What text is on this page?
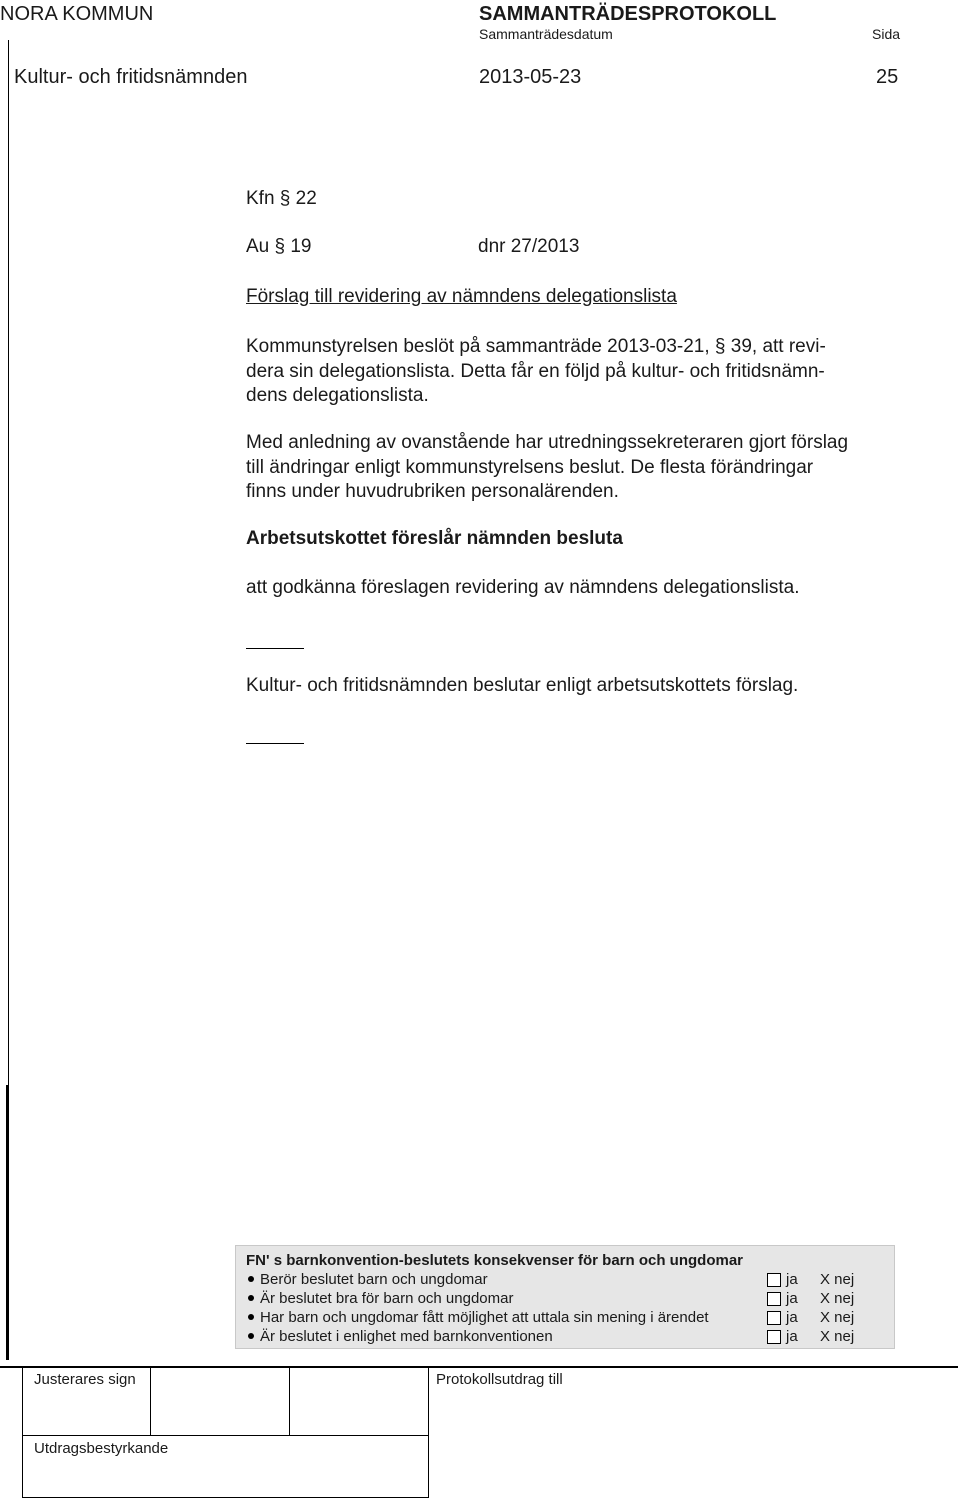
NORA KOMMUN	SAMMANTRÄDESPROTOKOLL
Sammanträdesdatum	Sida
Kultur- och fritidsnämnden	2013-05-23	25
Kfn § 22
Au § 19	dnr 27/2013
Förslag till revidering av nämndens delegationslista
Kommunstyrelsen beslöt på sammanträde 2013-03-21, § 39, att revi-
dera sin delegationslista. Detta får en följd på kultur- och fritidsnämn-
dens delegationslista.
Med anledning av ovanstående har utredningssekreteraren gjort förslag
till ändringar enligt kommunstyrelsens beslut. De flesta förändringar
finns under huvudrubriken personalärenden.
Arbetsutskottet föreslår nämnden besluta
att godkänna föreslagen revidering av nämndens delegationslista.
Kultur- och fritidsnämnden beslutar enligt arbetsutskottets förslag.
FN' s barnkonvention-beslutets konsekvenser för barn och ungdomar
Berör beslutet barn och ungdomar	ja X nej
Är beslutet bra för barn och ungdomar	ja X nej
Har barn och ungdomar fått möjlighet att uttala sin mening i ärendet	ja X nej
Är beslutet i enlighet med barnkonventionen	ja X nej
Justerares sign	Protokollsutdrag till
Utdragsbestyrkande
